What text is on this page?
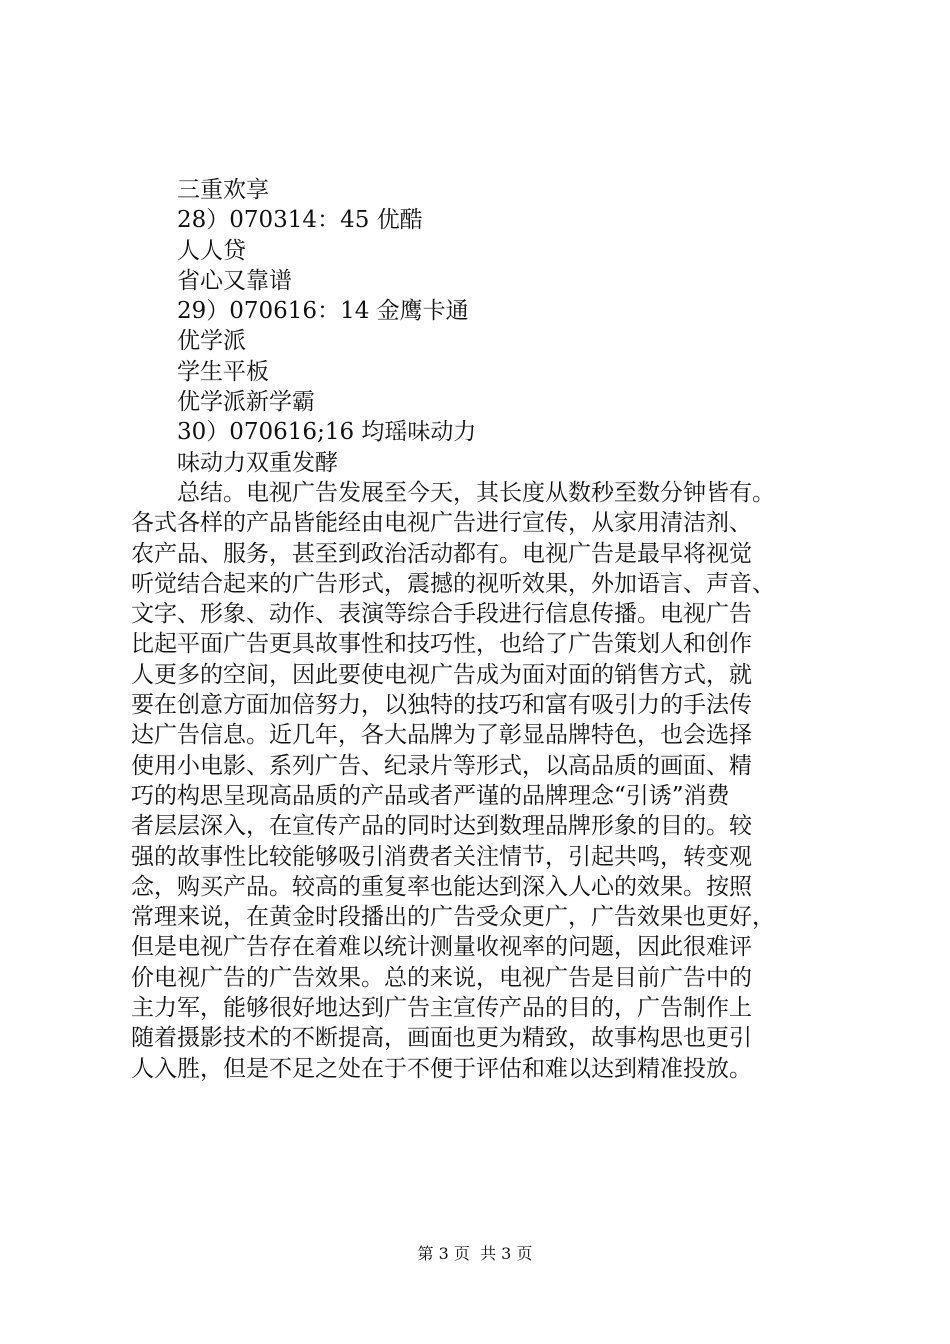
三重欢享
28）070314：45 优酷
人人贷
省心又靠谱
29）070616：14 金鹰卡通
优学派
学生平板
优学派新学霸
30）070616;16 均瑶味动力
味动力双重发酵
总结。电视广告发展至今天，其长度从数秒至数分钟皆有。
各式各样的产品皆能经由电视广告进行宣传，从家用清洁剂、
农产品、服务，甚至到政治活动都有。电视广告是最早将视觉
听觉结合起来的广告形式，震撼的视听效果，外加语言、声音、
文字、形象、动作、表演等综合手段进行信息传播。电视广告
比起平面广告更具故事性和技巧性，也给了广告策划人和创作
人更多的空间，因此要使电视广告成为面对面的销售方式，就
要在创意方面加倍努力，以独特的技巧和富有吸引力的手法传
达广告信息。近几年，各大品牌为了彰显品牌特色，也会选择
使用小电影、系列广告、纪录片等形式，以高品质的画面、精
巧的构思呈现高品质的产品或者严谨的品牌理念“引诱”消费
者层层深入，在宣传产品的同时达到数理品牌形象的目的。较
强的故事性比较能够吸引消费者关注情节，引起共鸣，转变观
念，购买产品。较高的重复率也能达到深入人心的效果。按照
常理来说，在黄金时段播出的广告受众更广，广告效果也更好，
但是电视广告存在着难以统计测量收视率的问题，因此很难评
价电视广告的广告效果。总的来说，电视广告是目前广告中的
主力军，能够很好地达到广告主宣传产品的目的，广告制作上
随着摄影技术的不断提高，画面也更为精致，故事构思也更引
人入胜，但是不足之处在于不便于评估和难以达到精准投放。
第 3 页  共 3 页
